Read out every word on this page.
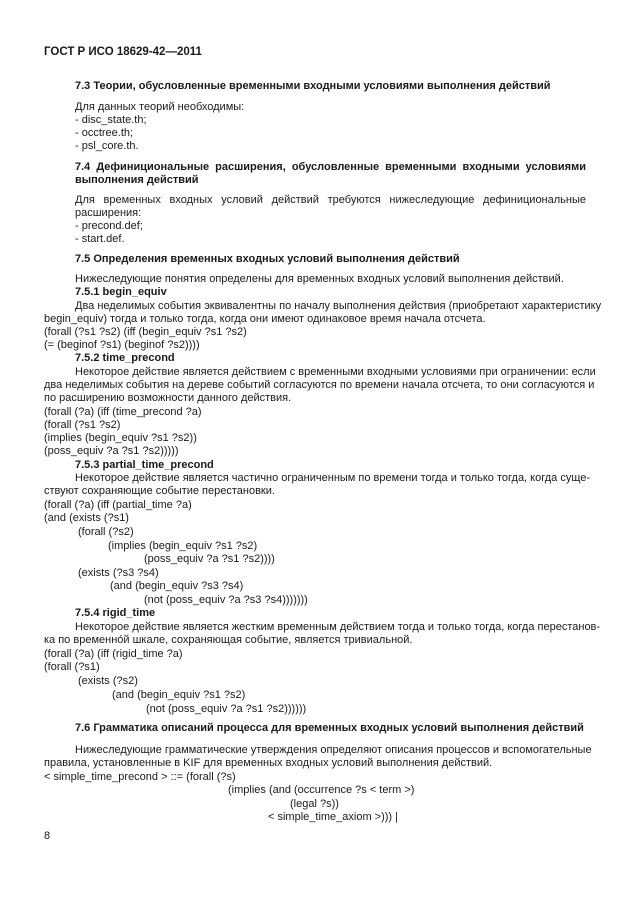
ГОСТ Р ИСО 18629-42—2011
7.3 Теории, обусловленные временными входными условиями выполнения действий
Для данных теорий необходимы:
- disc_state.th;
- occtree.th;
- psl_core.th.
7.4 Дефинициональные расширения, обусловленные временными входными условиями
выполнения действий
Для временных входных условий действий требуются нижеследующие дефинициональные
расширения:
- precond.def;
- start.def.
7.5 Определения временных входных условий выполнения действий
Нижеследующие понятия определены для временных входных условий выполнения действий.
7.5.1 begin_equiv
Два неделимых события эквивалентны по началу выполнения действия (приобретают характеристику
begin_equiv) тогда и только тогда, когда они имеют одинаковое время начала отсчета.
(forall (?s1 ?s2) (iff (begin_equiv ?s1 ?s2)
(= (beginof ?s1) (beginof ?s2))))
7.5.2 time_precond
Некоторое действие является действием с временными входными условиями при ограничении: если
два неделимых события на дереве событий согласуются по времени начала отсчета, то они согласуются и
по расширению возможности данного действия.
(forall (?a) (iff (time_precond ?a)
(forall (?s1 ?s2)
(implies (begin_equiv ?s1 ?s2))
(poss_equiv ?a ?s1 ?s2)))))
7.5.3 partial_time_precond
Некоторое действие является частично ограниченным по времени тогда и только тогда, когда суще-
ствуют сохраняющие событие перестановки.
(forall (?a) (iff (partial_time ?a)
(and (exists (?s1)
(forall (?s2)
(implies (begin_equiv ?s1 ?s2)
(poss_equiv ?a ?s1 ?s2))))
(exists (?s3 ?s4)
(and (begin_equiv ?s3 ?s4)
(not (poss_equiv ?a ?s3 ?s4)))))))
7.5.4 rigid_time
Некоторое действие является жестким временным действием тогда и только тогда, когда перестанов-
ка по временно́й шкале, сохраняющая событие, является тривиальной.
(forall (?a) (iff (rigid_time ?a)
(forall (?s1)
(exists (?s2)
(and (begin_equiv ?s1 ?s2)
(not (poss_equiv ?a ?s1 ?s2))))))
7.6 Грамматика описаний процесса для временных входных условий выполнения действий
Нижеследующие грамматические утверждения определяют описания процессов и вспомогательные
правила, установленные в KIF для временных входных условий выполнения действий.
< simple_time_precond > ::= (forall (?s)
(implies (and (occurrence ?s < term >)
(legal ?s))
< simple_time_axiom >))) |
8
